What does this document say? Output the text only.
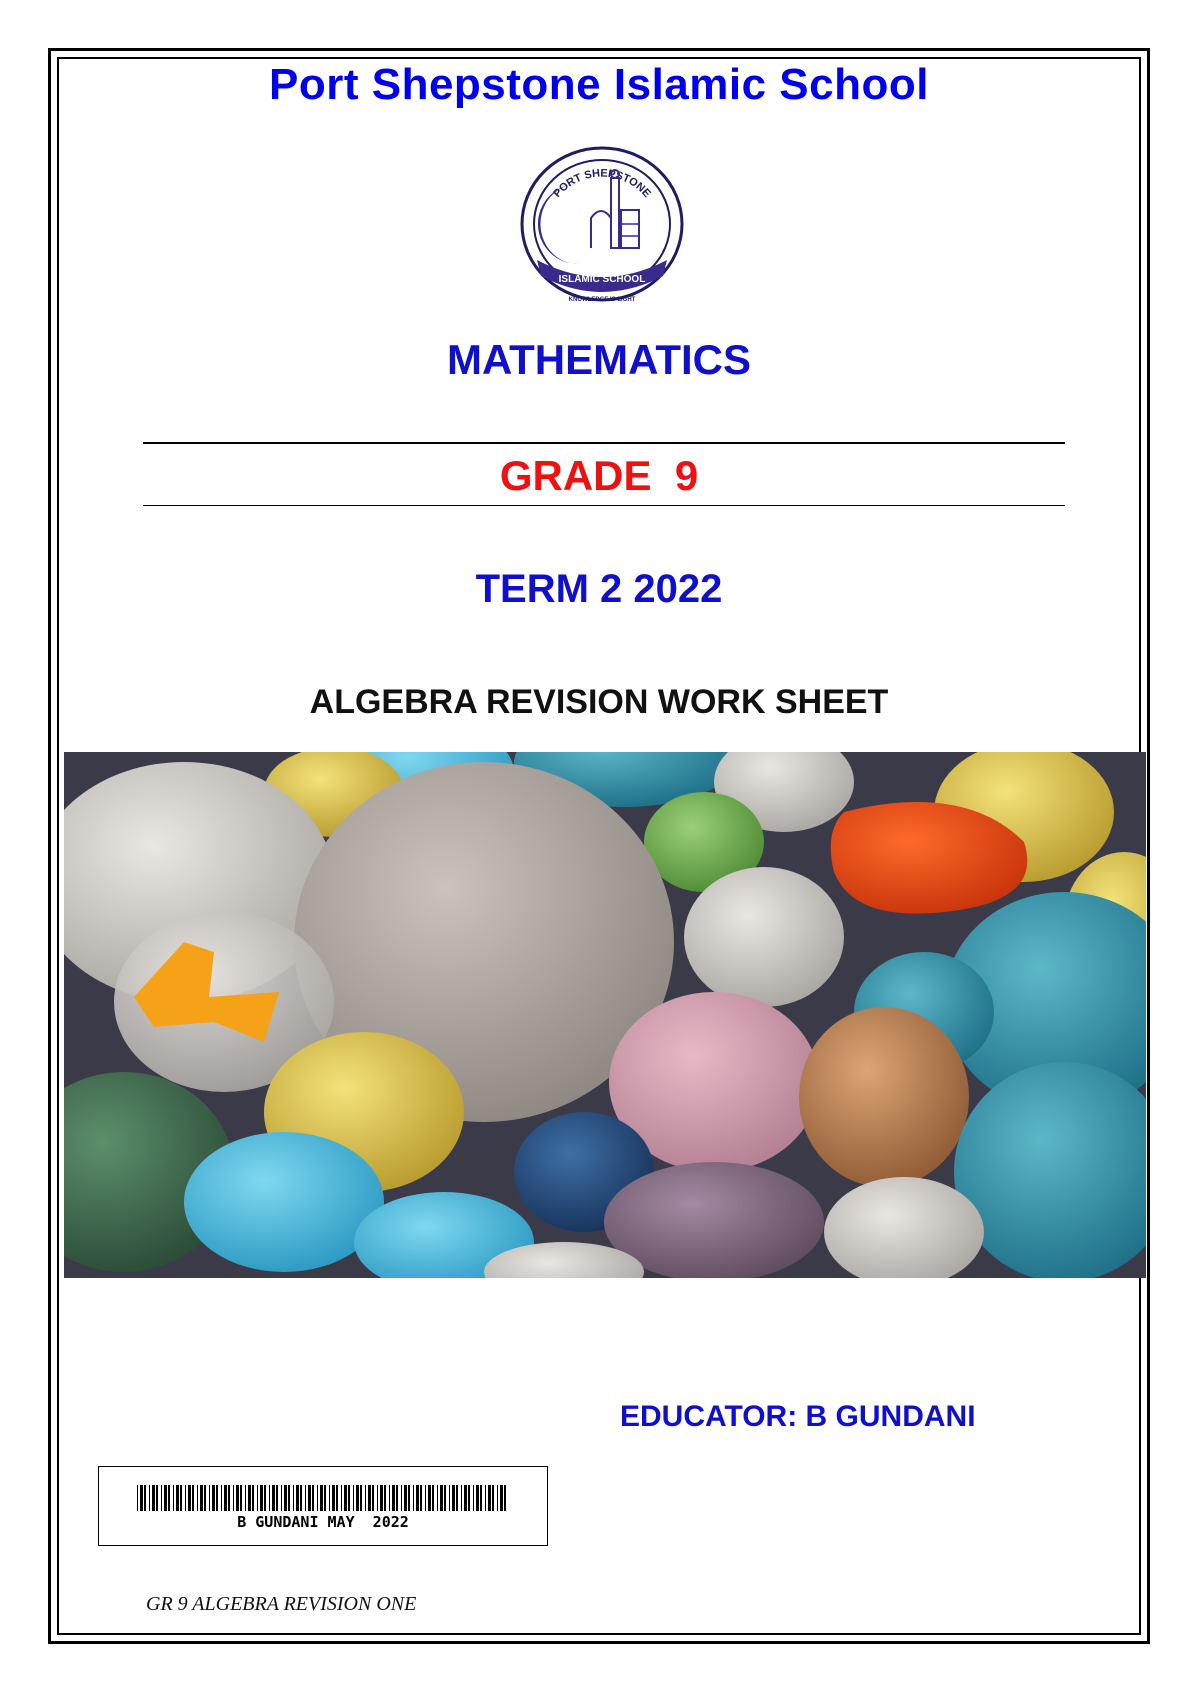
Port Shepstone Islamic School
PORT SHEPSTONE
ISLAMIC SCHOOL
KNOWLEDGE IS LIGHT
MATHEMATICS
GRADE  9
TERM 2 2022
ALGEBRA REVISION WORK SHEET

EDUCATOR: B GUNDANI

B GUNDANI MAY  2022

GR 9 ALGEBRA REVISION ONE
